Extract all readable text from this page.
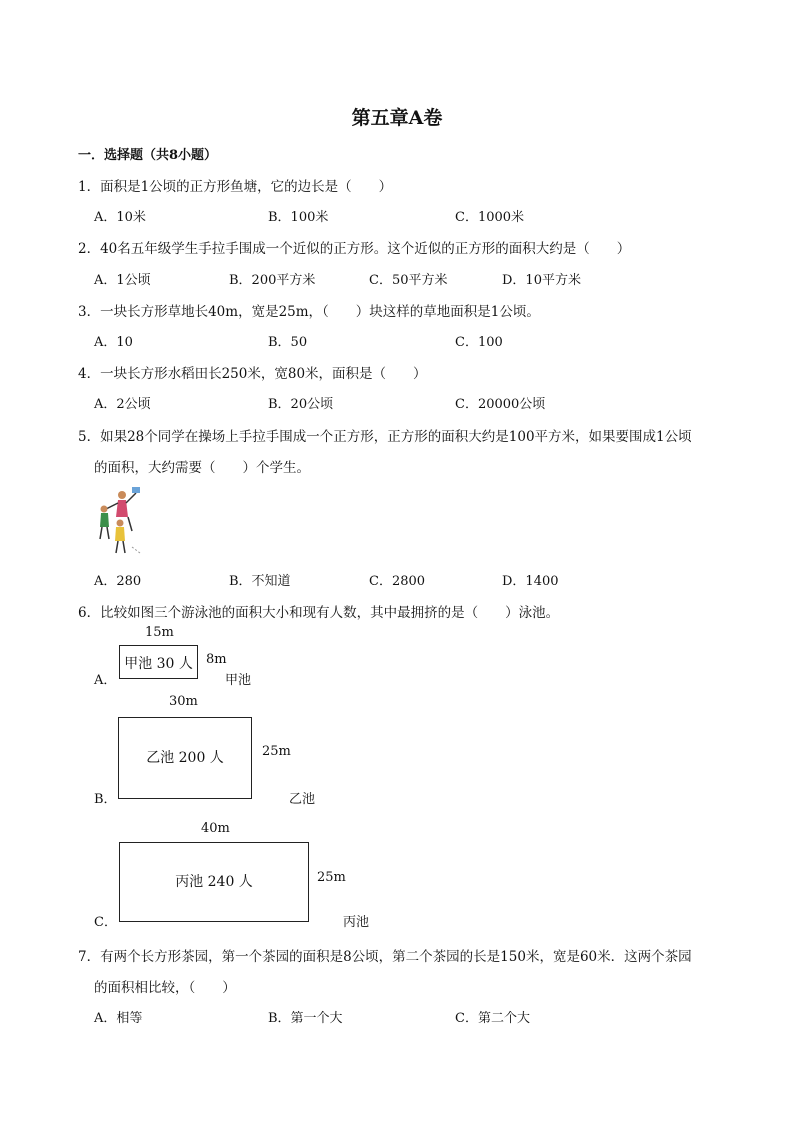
第五章A卷
一．选择题（共8小题）
1．面积是1公顷的正方形鱼塘，它的边长是（　　）
A．10米	B．100米	C．1000米
2．40名五年级学生手拉手围成一个近似的正方形。这个近似的正方形的面积大约是（　　）
A．1公顷	B．200平方米	C．50平方米	D．10平方米
3．一块长方形草地长40m，宽是25m，（　　）块这样的草地面积是1公顷。
A．10	B．50	C．100
4．一块长方形水稻田长250米，宽80米，面积是（　　）
A．2公顷	B．20公顷	C．20000公顷
5．如果28个同学在操场上手拉手围成一个正方形，正方形的面积大约是100平方米，如果要围成1公顷
的面积，大约需要（　　）个学生。
A．280	B．不知道	C．2800	D．1400
6．比较如图三个游泳池的面积大小和现有人数，其中最拥挤的是（　　）泳池。
15m
甲池 30 人	8m
A．	甲池
30m
乙池 200 人	25m
B．	乙池
40m
丙池 240 人	25m
C．	丙池
7．有两个长方形茶园，第一个茶园的面积是8公顷，第二个茶园的长是150米，宽是60米．这两个茶园
的面积相比较，（　　）
A．相等	B．第一个大	C．第二个大
